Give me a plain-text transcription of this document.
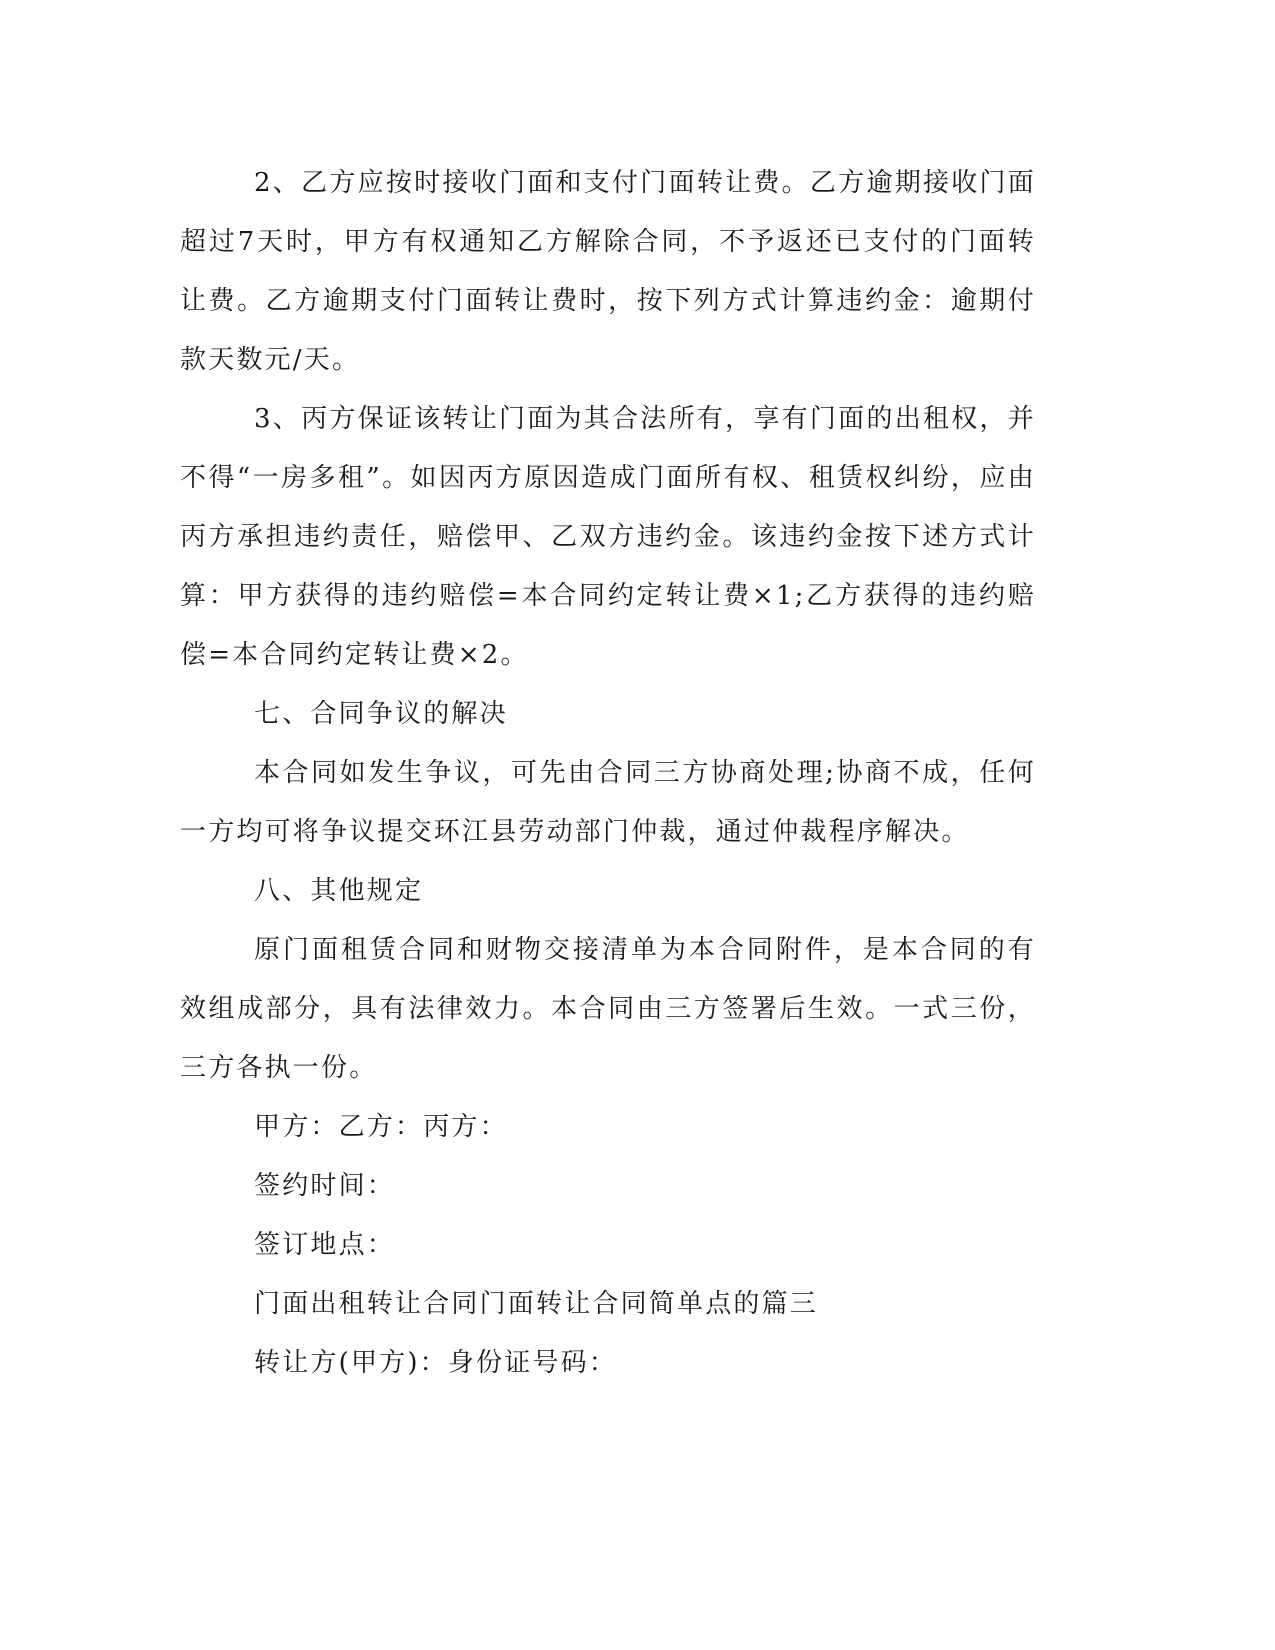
2、乙方应按时接收门面和支付门面转让费。乙方逾期接收门面超过7天时，甲方有权通知乙方解除合同，不予返还已支付的门面转让费。乙方逾期支付门面转让费时，按下列方式计算违约金：逾期付款天数元/天。

3、丙方保证该转让门面为其合法所有，享有门面的出租权，并不得“一房多租”。如因丙方原因造成门面所有权、租赁权纠纷，应由丙方承担违约责任，赔偿甲、乙双方违约金。该违约金按下述方式计算：甲方获得的违约赔偿=本合同约定转让费×1;乙方获得的违约赔偿=本合同约定转让费×2。

七、合同争议的解决

本合同如发生争议，可先由合同三方协商处理;协商不成，任何一方均可将争议提交环江县劳动部门仲裁，通过仲裁程序解决。

八、其他规定

原门面租赁合同和财物交接清单为本合同附件，是本合同的有效组成部分，具有法律效力。本合同由三方签署后生效。一式三份，三方各执一份。

甲方：乙方：丙方：

签约时间：

签订地点：

门面出租转让合同门面转让合同简单点的篇三

转让方(甲方)：身份证号码：
